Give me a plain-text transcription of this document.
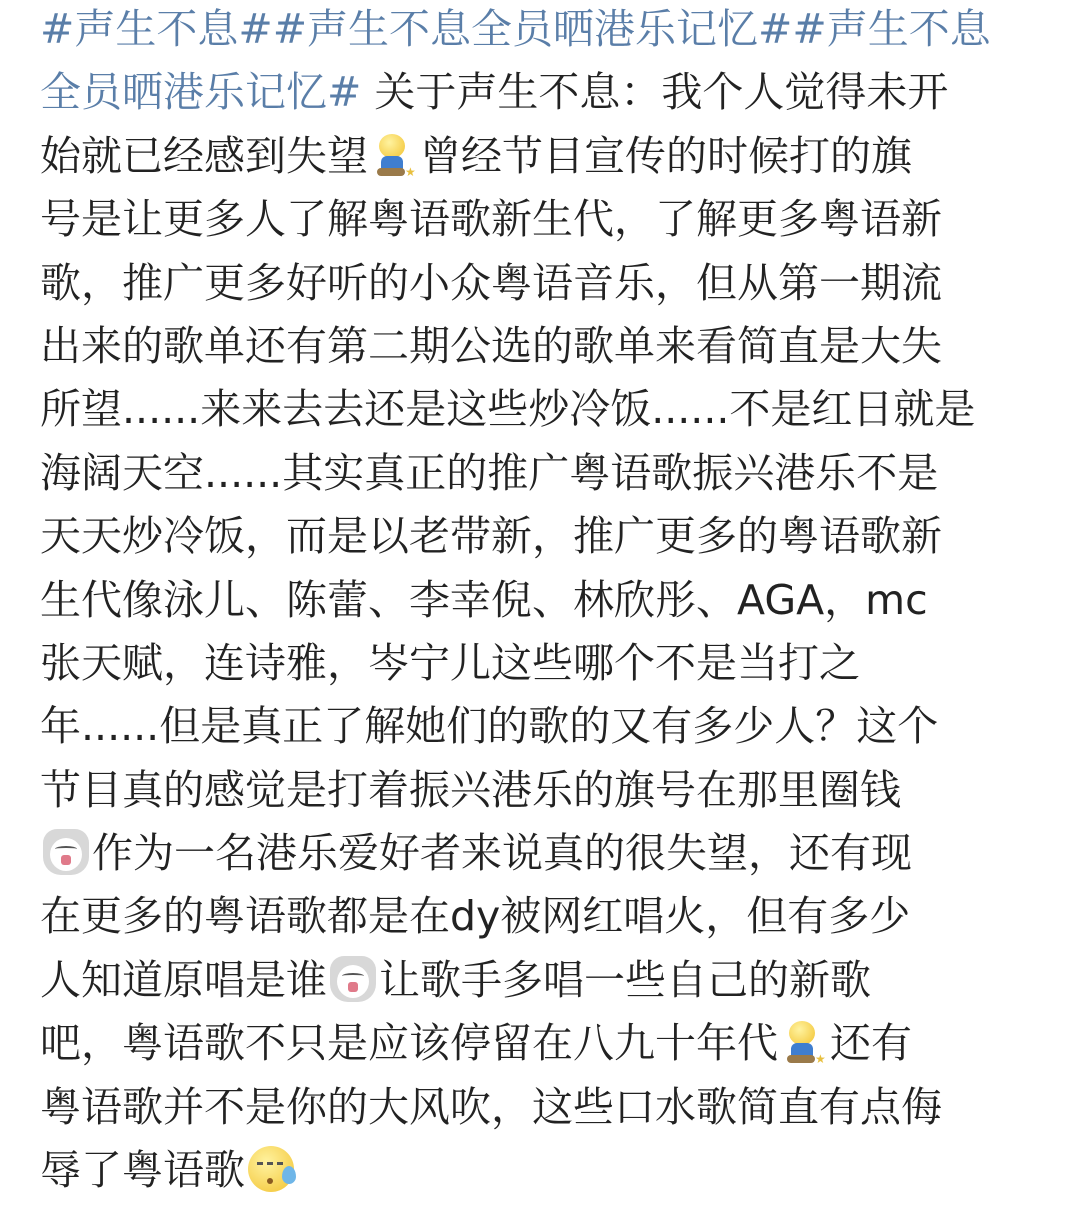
#声生不息##声生不息全员晒港乐记忆##声生不息
全员晒港乐记忆# 关于声生不息：我个人觉得未开
始就已经感到失望	★ 曾经节目宣传的时候打的旗
号是让更多人了解粤语歌新生代，了解更多粤语新
歌，推广更多好听的小众粤语音乐，但从第一期流
出来的歌单还有第二期公选的歌单来看简直是大失
所望......来来去去还是这些炒冷饭......不是红日就是
海阔天空......其实真正的推广粤语歌振兴港乐不是
天天炒冷饭，而是以老带新，推广更多的粤语歌新
生代像泳儿、陈蕾、李幸倪、林欣彤、AGA，mc
张天赋，连诗雅，岑宁儿这些哪个不是当打之
年......但是真正了解她们的歌的又有多少人？这个
节目真的感觉是打着振兴港乐的旗号在那里圈钱
作为一名港乐爱好者来说真的很失望，还有现
在更多的粤语歌都是在dy被网红唱火，但有多少
人知道原唱是谁 让歌手多唱一些自己的新歌
吧，粤语歌不只是应该停留在八九十年代	★ 还有
粤语歌并不是你的大风吹，这些口水歌简直有点侮
辱了粤语歌
